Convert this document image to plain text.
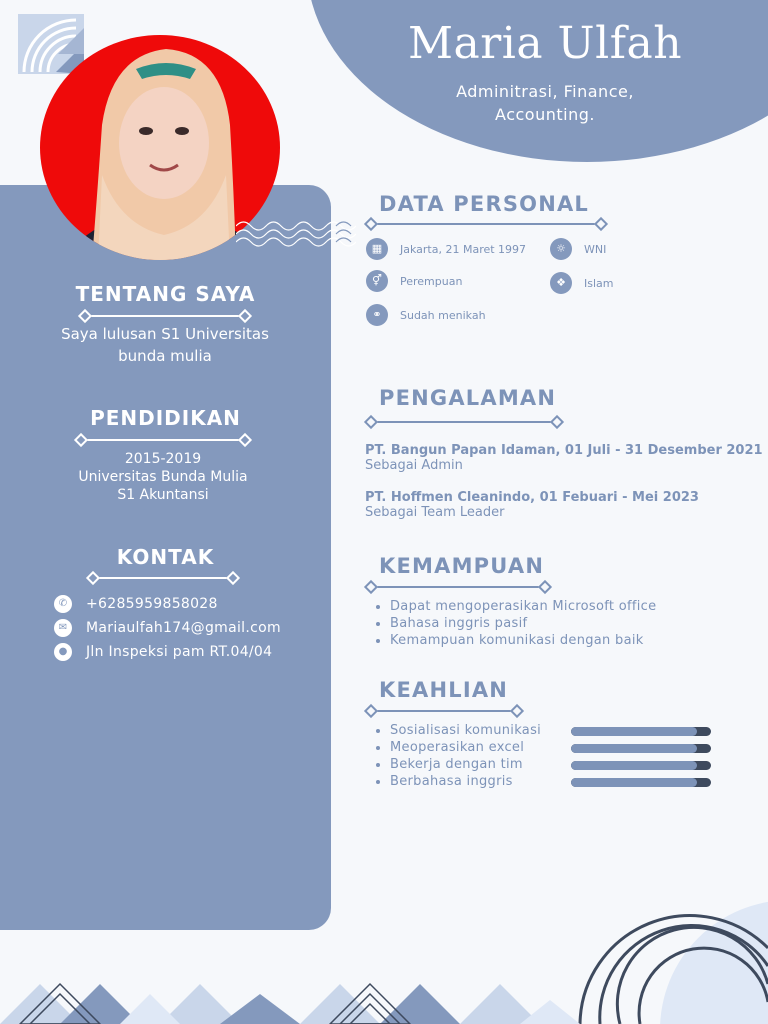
Maria Ulfah
Adminitrasi, Finance,
Accounting.
TENTANG SAYA
Saya lulusan S1 Universitas
bunda mulia
PENDIDIKAN
2015-2019
Universitas Bunda Mulia
S1 Akuntansi
KONTAK
✆	+6285959858028
✉	Mariaulfah174@gmail.com
●	Jln Inspeksi pam RT.04/04
DATA PERSONAL
▦	Jakarta, 21 Maret 1997	☼	WNI
⚥	Perempuan	❖	Islam
⚭	Sudah menikah
PENGALAMAN
PT. Bangun Papan Idaman, 01 Juli - 31 Desember 2021
Sebagai Admin
PT. Hoffmen Cleanindo, 01 Febuari - Mei 2023
Sebagai Team Leader
KEMAMPUAN
Dapat mengoperasikan Microsoft office
Bahasa inggris pasif
Kemampuan komunikasi dengan baik
KEAHLIAN
Sosialisasi komunikasi
Meoperasikan excel
Bekerja dengan tim
Berbahasa inggris
